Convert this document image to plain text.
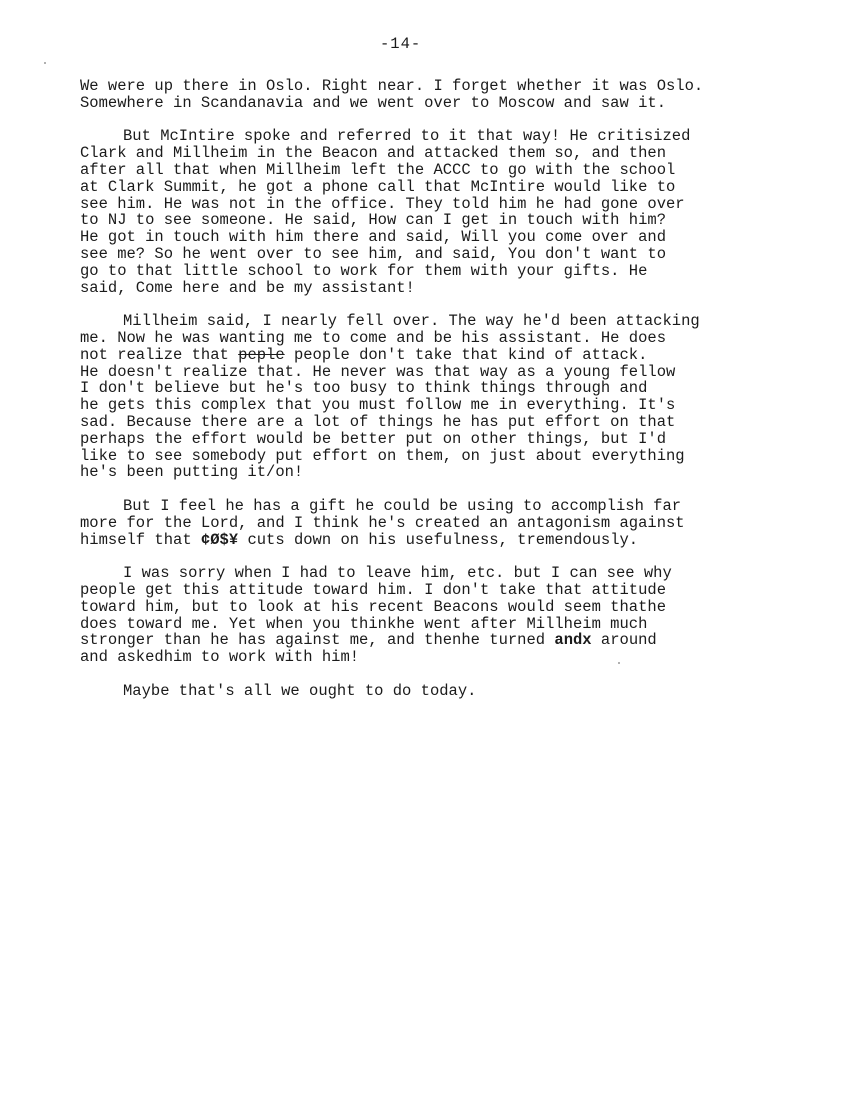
-14-
We were up there in Oslo. Right near. I forget whether it was Oslo.
Somewhere in Scandanavia and we went over to Moscow and saw it.
But McIntire spoke and referred to it that way! He critisized
Clark and Millheim in the Beacon and attacked them so, and then
after all that when Millheim left the ACCC to go with the school
at Clark Summit, he got a phone call that McIntire would like to
see him. He was not in the office. They told him he had gone over
to NJ to see someone. He said, How can I get in touch with him?
He got in touch with him there and said, Will you come over and
see me? So he went over to see him, and said, You don't want to
go to that little school to work for them with your gifts. He
said, Come here and be my assistant!
Millheim said, I nearly fell over. The way he'd been attacking
me. Now he was wanting me to come and be his assistant. He does
not realize that peple people don't take that kind of attack.
He doesn't realize that. He never was that way as a young fellow
I don't believe but he's too busy to think things through and
he gets this complex that you must follow me in everything. It's
sad. Because there are a lot of things he has put effort on that
perhaps the effort would be better put on other things, but I'd
like to see somebody put effort on them, on just about everything
he's been putting it/on!
But I feel he has a gift he could be using to accomplish far
more for the Lord, and I think he's created an antagonism against
himself that ¢Ø$¥ cuts down on his usefulness, tremendously.
I was sorry when I had to leave him, etc. but I can see why
people get this attitude toward him. I don't take that attitude
toward him, but to look at his recent Beacons would seem thathe
does toward me. Yet when you thinkhe went after Millheim much
stronger than he has against me, and thenhe turned andx around
and askedhim to work with him!
Maybe that's all we ought to do today.
